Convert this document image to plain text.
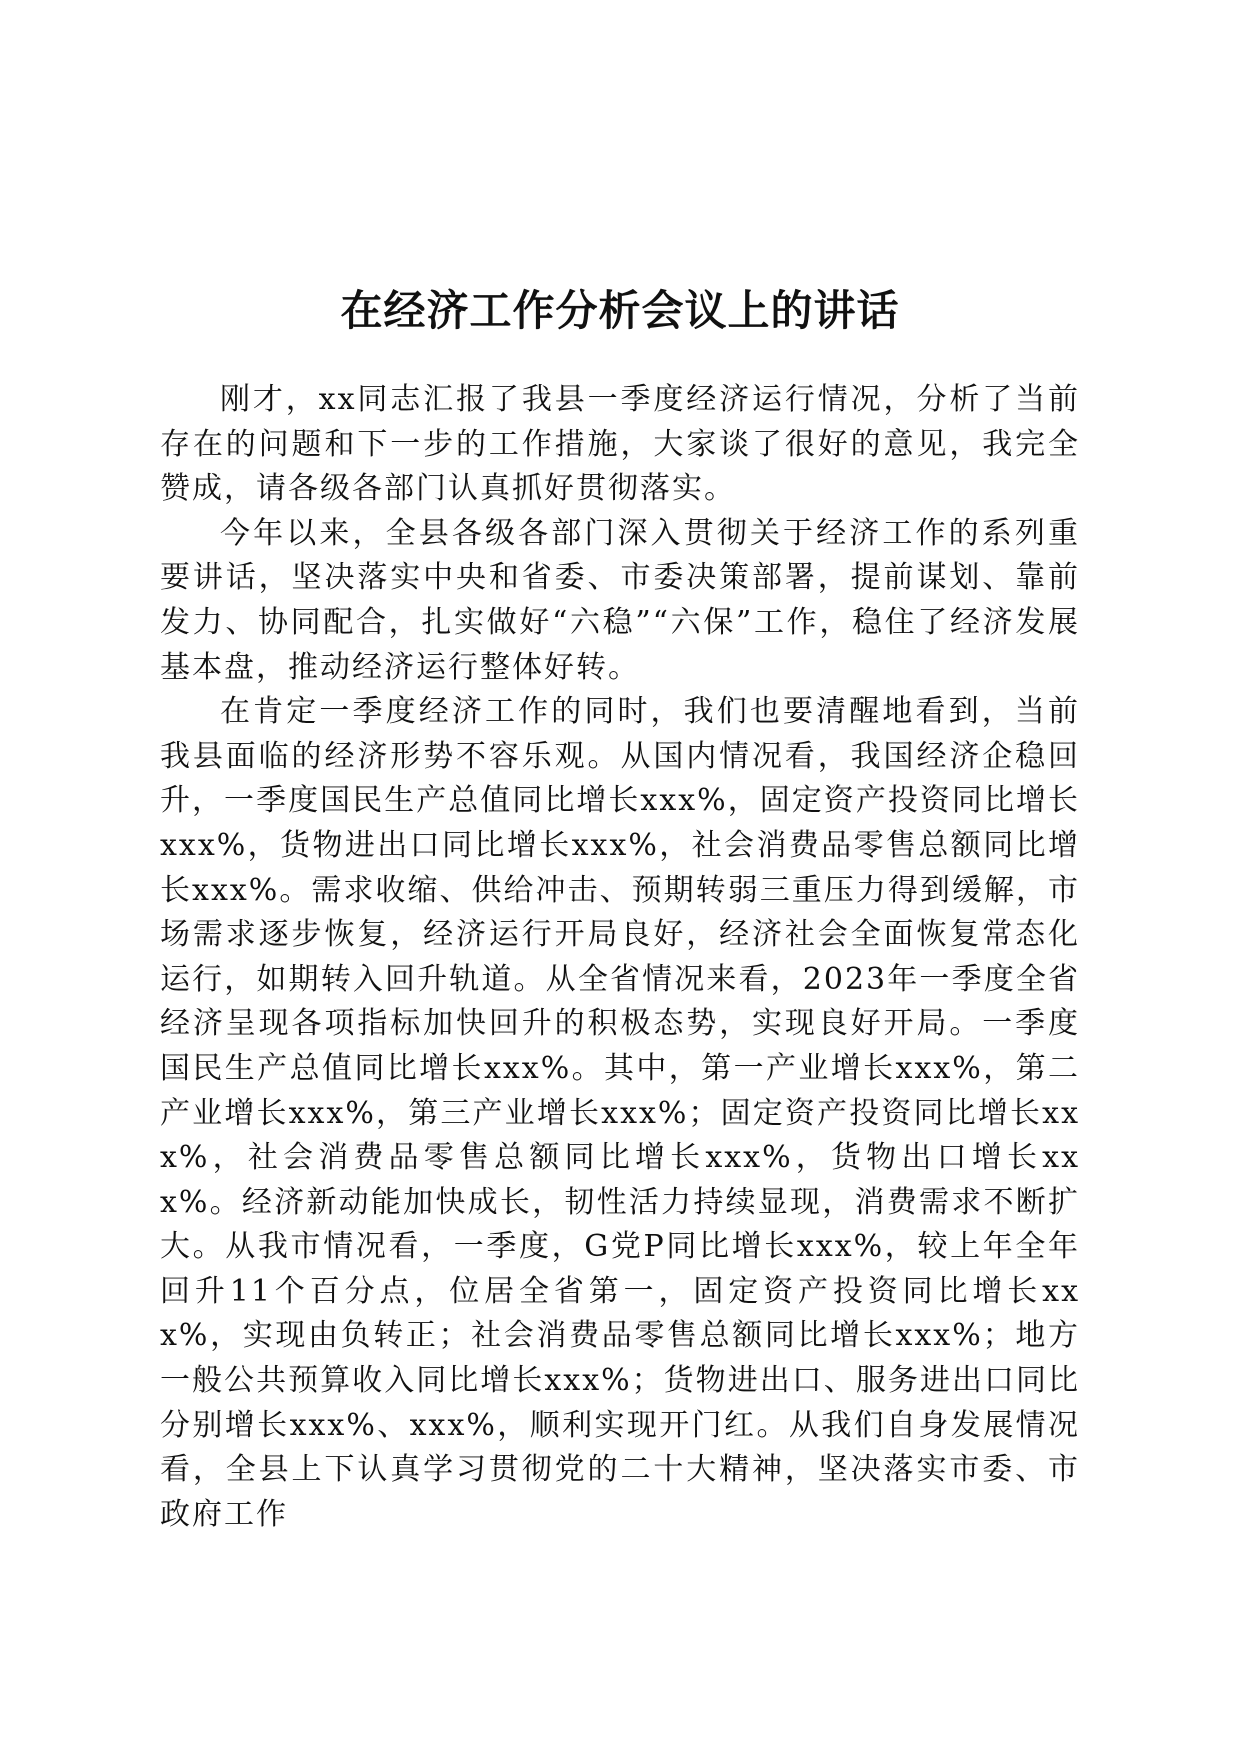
在经济工作分析会议上的讲话

刚才，xx同志汇报了我县一季度经济运行情况，分析了当前存在的问题和下一步的工作措施，大家谈了很好的意见，我完全赞成，请各级各部门认真抓好贯彻落实。

今年以来，全县各级各部门深入贯彻关于经济工作的系列重要讲话，坚决落实中央和省委、市委决策部署，提前谋划、靠前发力、协同配合，扎实做好“六稳”“六保”工作，稳住了经济发展基本盘，推动经济运行整体好转。

在肯定一季度经济工作的同时，我们也要清醒地看到，当前我县面临的经济形势不容乐观。从国内情况看，我国经济企稳回升，一季度国民生产总值同比增长xxx%，固定资产投资同比增长xxx%，货物进出口同比增长xxx%，社会消费品零售总额同比增长xxx%。需求收缩、供给冲击、预期转弱三重压力得到缓解，市场需求逐步恢复，经济运行开局良好，经济社会全面恢复常态化运行，如期转入回升轨道。从全省情况来看，2023年一季度全省经济呈现各项指标加快回升的积极态势，实现良好开局。一季度国民生产总值同比增长xxx%。其中，第一产业增长xxx%，第二产业增长xxx%，第三产业增长xxx%；固定资产投资同比增长xxx%，社会消费品零售总额同比增长xxx%，货物出口增长xxx%。经济新动能加快成长，韧性活力持续显现，消费需求不断扩大。从我市情况看，一季度，G党P同比增长xxx%，较上年全年回升11个百分点，位居全省第一，固定资产投资同比增长xxx%，实现由负转正；社会消费品零售总额同比增长xxx%；地方一般公共预算收入同比增长xxx%；货物进出口、服务进出口同比分别增长xxx%、xxx%，顺利实现开门红。从我们自身发展情况看，全县上下认真学习贯彻党的二十大精神，坚决落实市委、市政府工作
